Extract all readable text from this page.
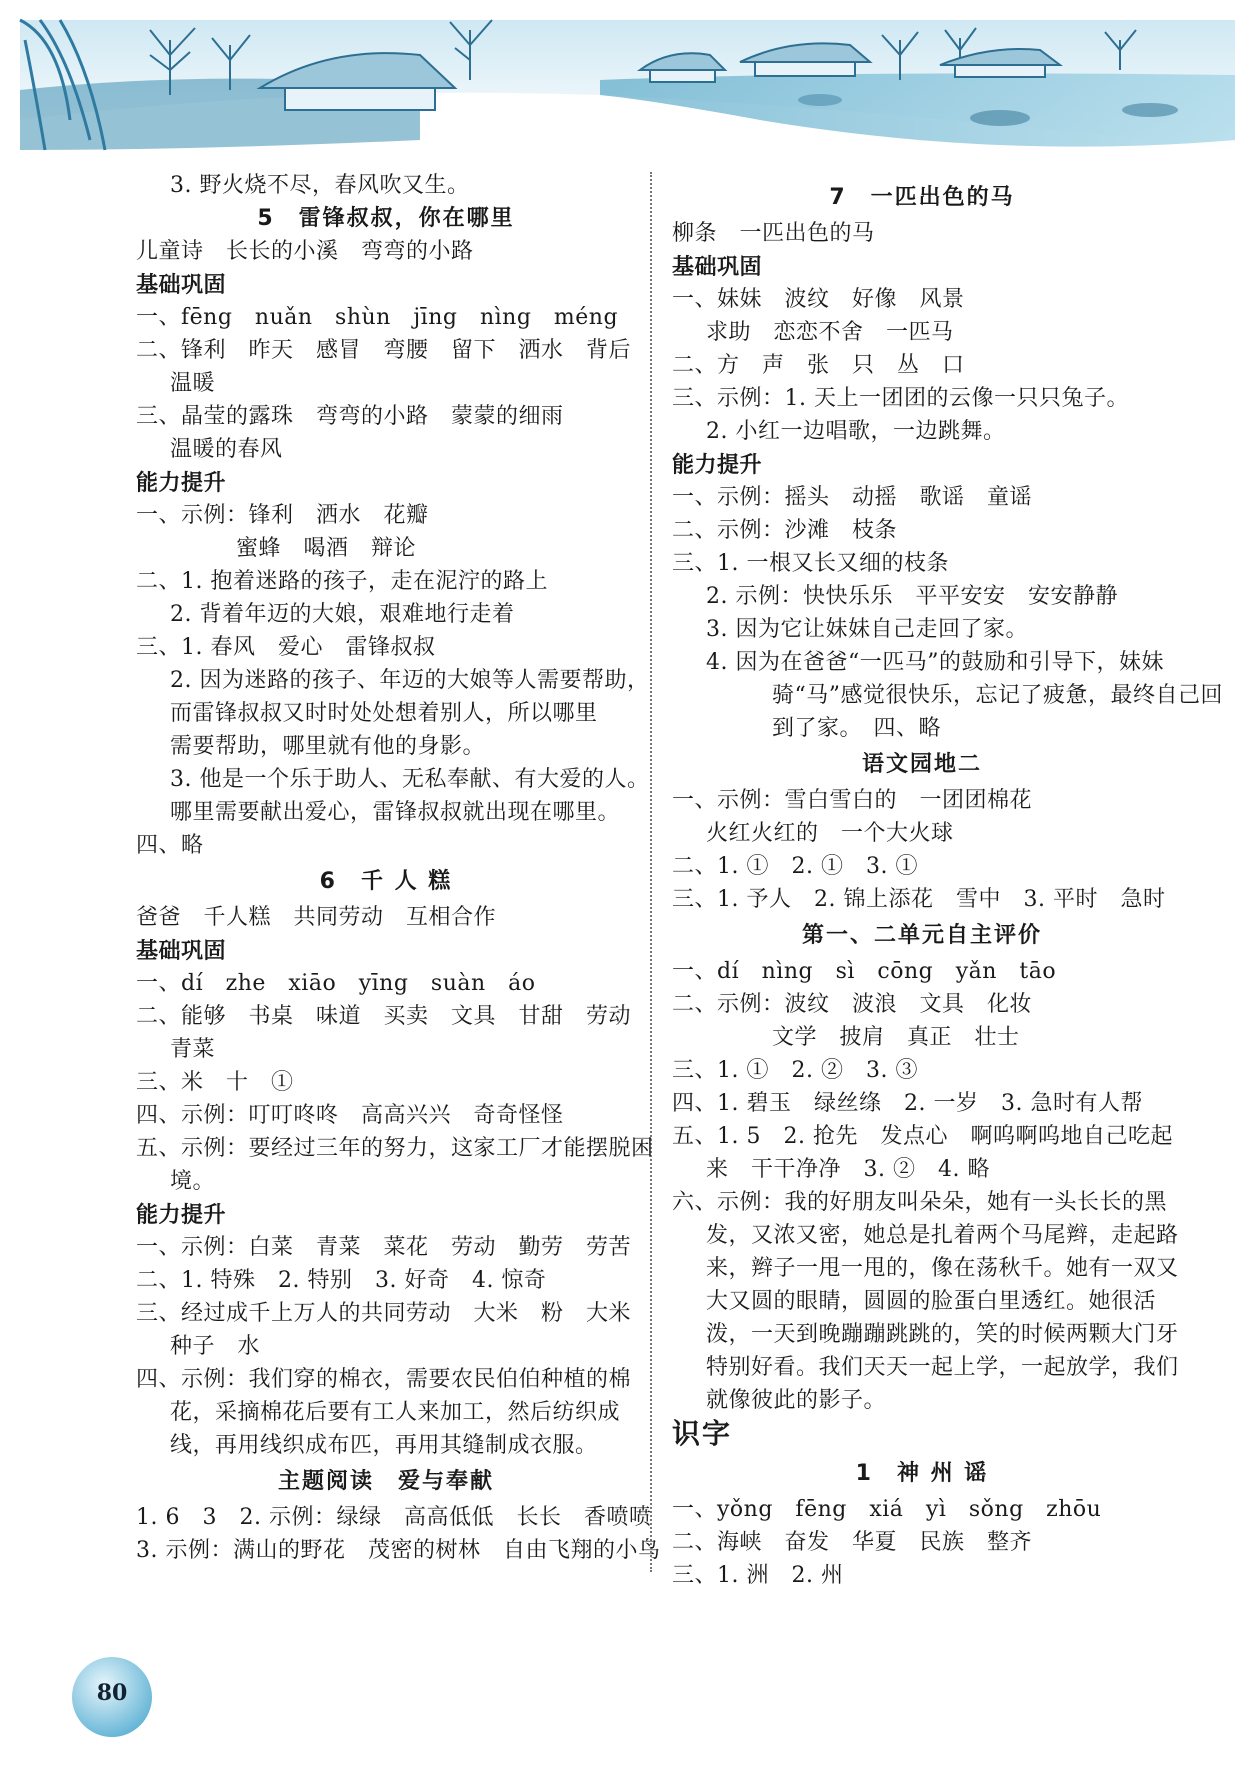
3. 野火烧不尽，春风吹又生。
5　雷锋叔叔，你在哪里
儿童诗　长长的小溪　弯弯的小路
基础巩固
一、fēng　nuǎn　shùn　jīng　nìng　méng
二、锋利　昨天　感冒　弯腰　留下　洒水　背后
温暖
三、晶莹的露珠　弯弯的小路　蒙蒙的细雨
温暖的春风
能力提升
一、示例：锋利　洒水　花瓣
蜜蜂　喝酒　辩论
二、1. 抱着迷路的孩子，走在泥泞的路上
2. 背着年迈的大娘，艰难地行走着
三、1. 春风　爱心　雷锋叔叔
2. 因为迷路的孩子、年迈的大娘等人需要帮助，
而雷锋叔叔又时时处处想着别人，所以哪里
需要帮助，哪里就有他的身影。
3. 他是一个乐于助人、无私奉献、有大爱的人。
哪里需要献出爱心，雷锋叔叔就出现在哪里。
四、略
6　千 人 糕
爸爸　千人糕　共同劳动　互相合作
基础巩固
一、dí　zhe　xiāo　yīng　suàn　áo
二、能够　书桌　味道　买卖　文具　甘甜　劳动
青菜
三、米　十　①
四、示例：叮叮咚咚　高高兴兴　奇奇怪怪
五、示例：要经过三年的努力，这家工厂才能摆脱困
境。
能力提升
一、示例：白菜　青菜　菜花　劳动　勤劳　劳苦
二、1. 特殊　2. 特别　3. 好奇　4. 惊奇
三、经过成千上万人的共同劳动　大米　粉　大米
种子　水
四、示例：我们穿的棉衣，需要农民伯伯种植的棉
花，采摘棉花后要有工人来加工，然后纺织成
线，再用线织成布匹，再用其缝制成衣服。
主题阅读　爱与奉献
1. 6　3　2. 示例：绿绿　高高低低　长长　香喷喷
3. 示例：满山的野花　茂密的树林　自由飞翔的小鸟
7　一匹出色的马
柳条　一匹出色的马
基础巩固
一、妹妹　波纹　好像　风景
求助　恋恋不舍　一匹马
二、方　声　张　只　丛　口
三、示例：1. 天上一团团的云像一只只兔子。
2. 小红一边唱歌，一边跳舞。
能力提升
一、示例：摇头　动摇　歌谣　童谣
二、示例：沙滩　枝条
三、1. 一根又长又细的枝条
2. 示例：快快乐乐　平平安安　安安静静
3. 因为它让妹妹自己走回了家。
4. 因为在爸爸“一匹马”的鼓励和引导下，妹妹
骑“马”感觉很快乐，忘记了疲惫，最终自己回
到了家。　四、略
语文园地二
一、示例：雪白雪白的　一团团棉花
火红火红的　一个大火球
二、1. ①　2. ①　3. ①
三、1. 予人　2. 锦上添花　雪中　3. 平时　急时
第一、二单元自主评价
一、dí　nìng　sì　cōng　yǎn　tāo
二、示例：波纹　波浪　文具　化妆
文学　披肩　真正　壮士
三、1. ①　2. ②　3. ③
四、1. 碧玉　绿丝绦　2. 一岁　3. 急时有人帮
五、1. 5　2. 抢先　发点心　啊呜啊呜地自己吃起
来　干干净净　3. ②　4. 略
六、示例：我的好朋友叫朵朵，她有一头长长的黑
发，又浓又密，她总是扎着两个马尾辫，走起路
来，辫子一甩一甩的，像在荡秋千。她有一双又
大又圆的眼睛，圆圆的脸蛋白里透红。她很活
泼，一天到晚蹦蹦跳跳的，笑的时候两颗大门牙
特别好看。我们天天一起上学，一起放学，我们
就像彼此的影子。
识字
1　神 州 谣
一、yǒng　fēng　xiá　yì　sǒng　zhōu
二、海峡　奋发　华夏　民族　整齐
三、1. 洲　2. 州
80
